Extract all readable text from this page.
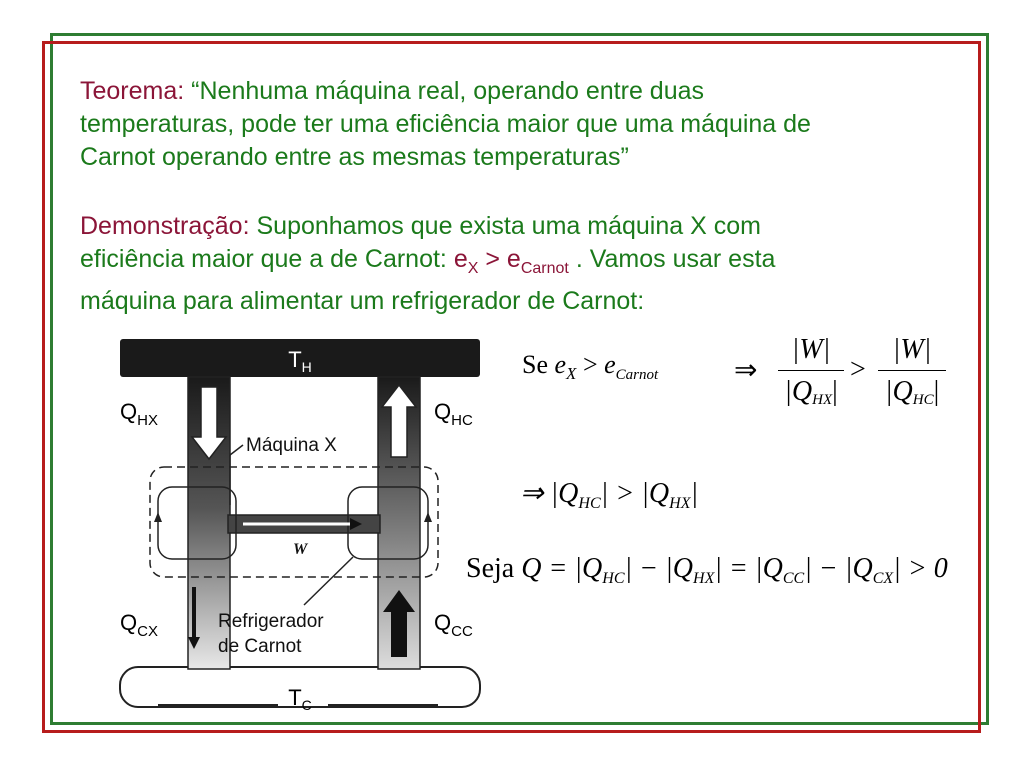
Teorema: “Nenhuma máquina real, operando entre duas
temperaturas, pode ter uma eficiência maior que uma máquina de
Carnot operando entre as mesmas temperaturas”
Demonstração: Suponhamos que exista uma máquina X com
eficiência maior que a de Carnot: $e_X > e_{Carnot}$ . Vamos usar esta
máquina para alimentar um refrigerador de Carnot:
$T_H$
$T_C$
W
Máquina X
Refrigerador
de Carnot
$Q_{HX}$	$Q_{HC}$
$Q_{CX}$	$Q_{CC}$
Se $e_X > e_{Carnot}$	⇒
|W|
|QHX|
>
|W|
|QHC|
⇒ $|Q_{HC}| > |Q_{HX}|$
Seja $Q = |Q_{HC}| - |Q_{HX}| = |Q_{CC}| - |Q_{CX}| > 0$
